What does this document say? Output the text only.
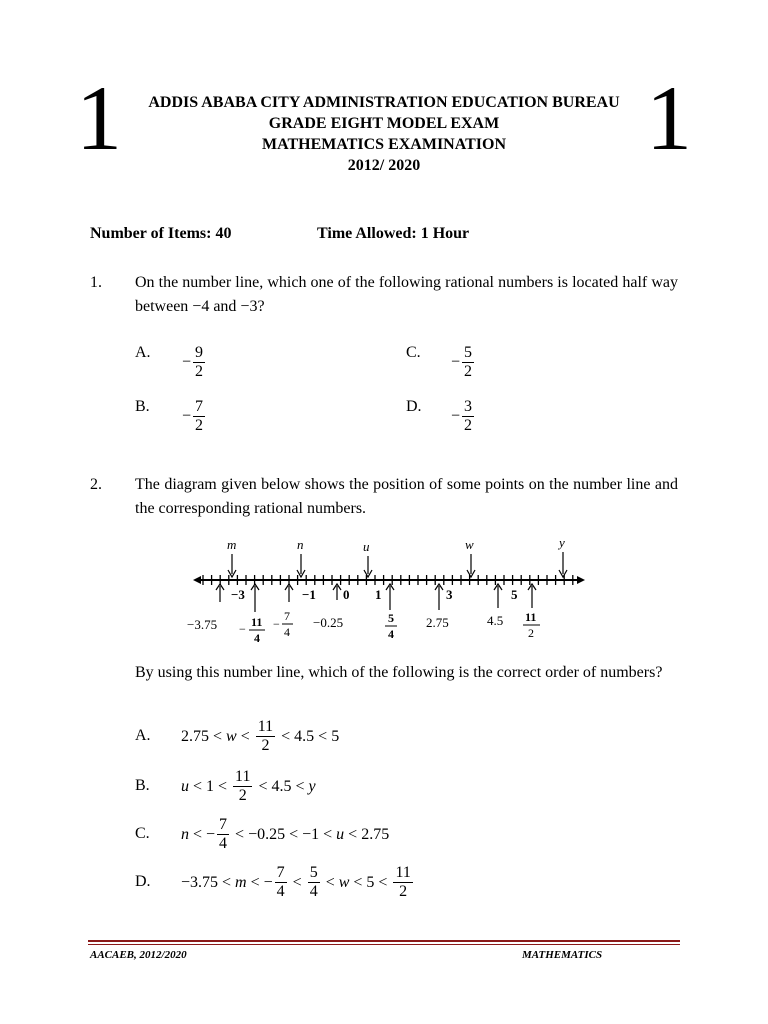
1	1
ADDIS ABABA CITY ADMINISTRATION EDUCATION BUREAU
GRADE EIGHT MODEL EXAM
MATHEMATICS EXAMINATION
2012/ 2020
Number of Items: 40	Time Allowed: 1 Hour
1. On the number line, which one of the following rational numbers is located half way between −4 and −3?
A.
− $\frac{9}{2}$
B.
− $\frac{7}{2}$
C.
− $\frac{5}{2}$
D.
− $\frac{3}{2}$
2. The diagram given below shows the position of some points on the number line and the corresponding rational numbers.
m	n	u	w	y
−3	−1 0 1	3	5
−3.75	−0.25	2.75	4.5
− 11
4
−
7
4
5
4
11
2
By using this number line, which of the following is the correct order of numbers?
A. $2.75 < w < \frac{11}{2} < 4.5 < 5$
B. $u < 1 < \frac{11}{2} < 4.5 < y$
C. n < − $\frac{7}{4} < -0.25 < -1 < u < 2.75$
D. −3.75 < m < − $\frac{7}{4} < \frac{5}{4} < w < 5 < \frac{11}{2}$
AACAEB, 2012/2020	MATHEMATICS
